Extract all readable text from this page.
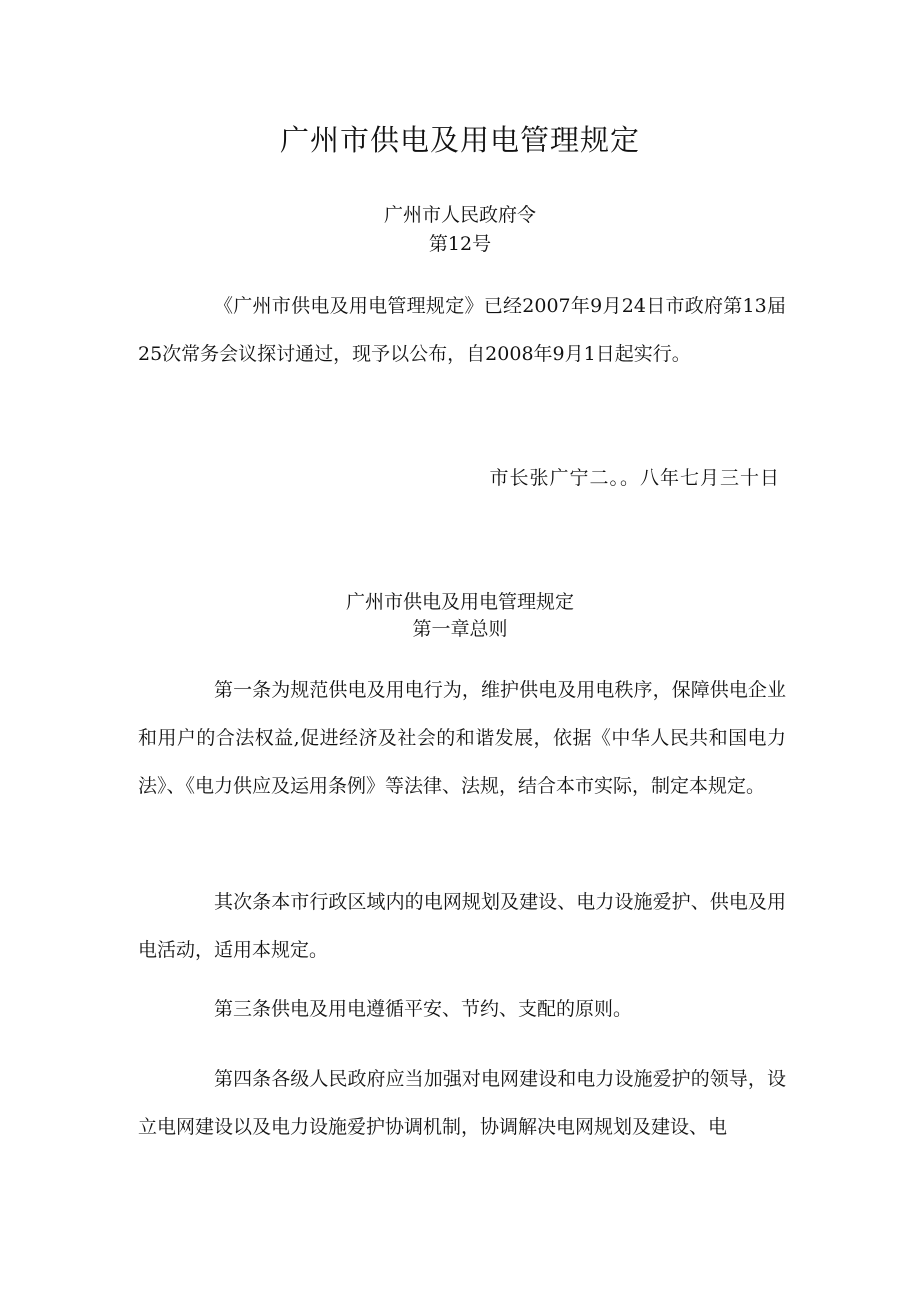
广州市供电及用电管理规定
广州市人民政府令
第12号

《广州市供电及用电管理规定》已经2007年9月24日市政府第13届25次常务会议探讨通过，现予以公布，自2008年9月1日起实行。

市长张广宁二。。八年七月三十日
广州市供电及用电管理规定
第一章总则

第一条为规范供电及用电行为，维护供电及用电秩序，保障供电企业和用户的合法权益,促进经济及社会的和谐发展，依据《中华人民共和国电力法》、《电力供应及运用条例》等法律、法规，结合本市实际，制定本规定。

其次条本市行政区域内的电网规划及建设、电力设施爱护、供电及用电活动，适用本规定。

第三条供电及用电遵循平安、节约、支配的原则。

第四条各级人民政府应当加强对电网建设和电力设施爱护的领导，设立电网建设以及电力设施爱护协调机制，协调解决电网规划及建设、电
